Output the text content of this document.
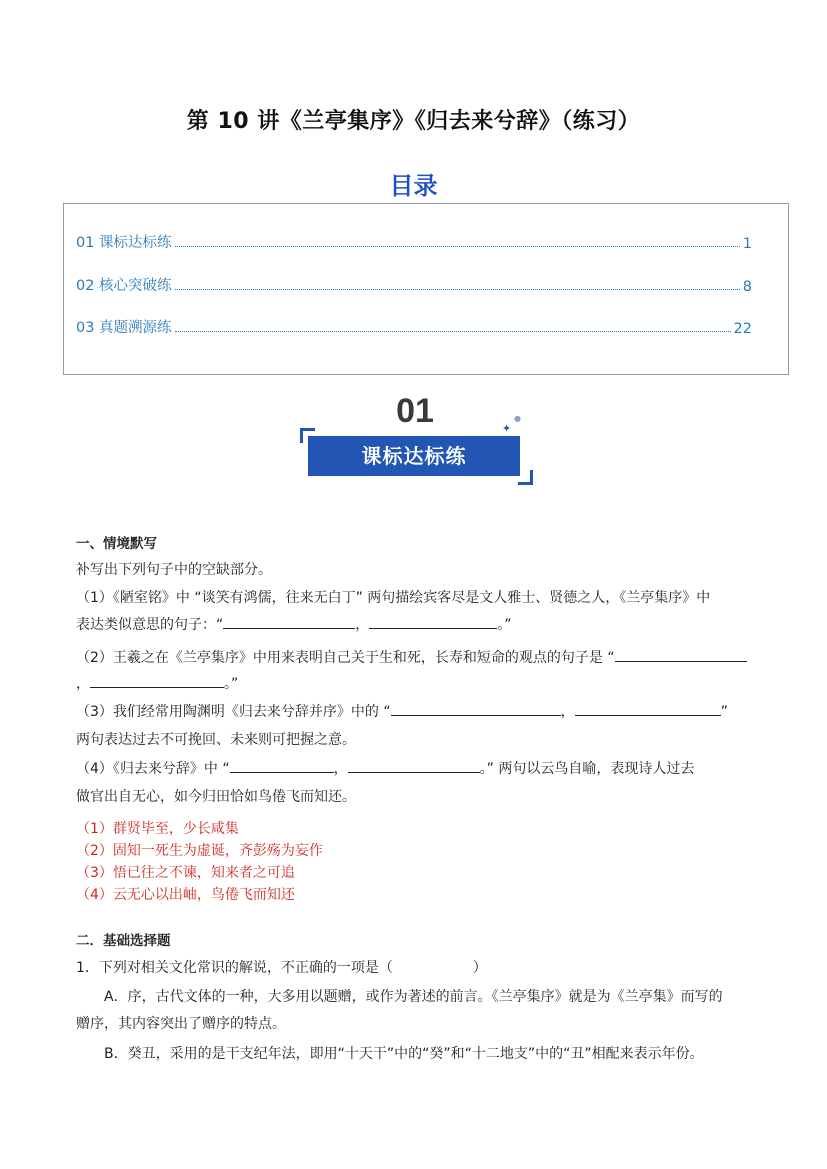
第 10 讲《兰亭集序》《归去来兮辞》（练习）
目录
01 课标达标练	1
02 核心突破练	8
03 真题溯源练	22
01	✦
●
课标达标练
一、情境默写
补写出下列句子中的空缺部分。
（1）《陋室铭》中 “谈笑有鸿儒，往来无白丁” 两句描绘宾客尽是文人雅士、贤德之人，《兰亭集序》中
表达类似意思的句子：“	，	。”
（2）王羲之在《兰亭集序》中用来表明自己关于生和死，长寿和短命的观点的句子是 “
，	。”
（3）我们经常用陶渊明《归去来兮辞并序》中的 “	，	”
两句表达过去不可挽回、未来则可把握之意。
（4）《归去来兮辞》中 “	，	。” 两句以云鸟自喻，表现诗人过去
做官出自无心，如今归田恰如鸟倦飞而知还。
（1）群贤毕至，少长咸集
（2）固知一死生为虚诞，齐彭殇为妄作
（3）悟已往之不谏，知来者之可追
（4）云无心以出岫，鸟倦飞而知还
二．基础选择题
1．下列对相关文化常识的解说，不正确的一项是（	）
A．序，古代文体的一种，大多用以题赠，或作为著述的前言。《兰亭集序》就是为《兰亭集》而写的
赠序，其内容突出了赠序的特点。
B．癸丑，采用的是干支纪年法，即用“十天干”中的“癸”和“十二地支”中的“丑”相配来表示年份。
